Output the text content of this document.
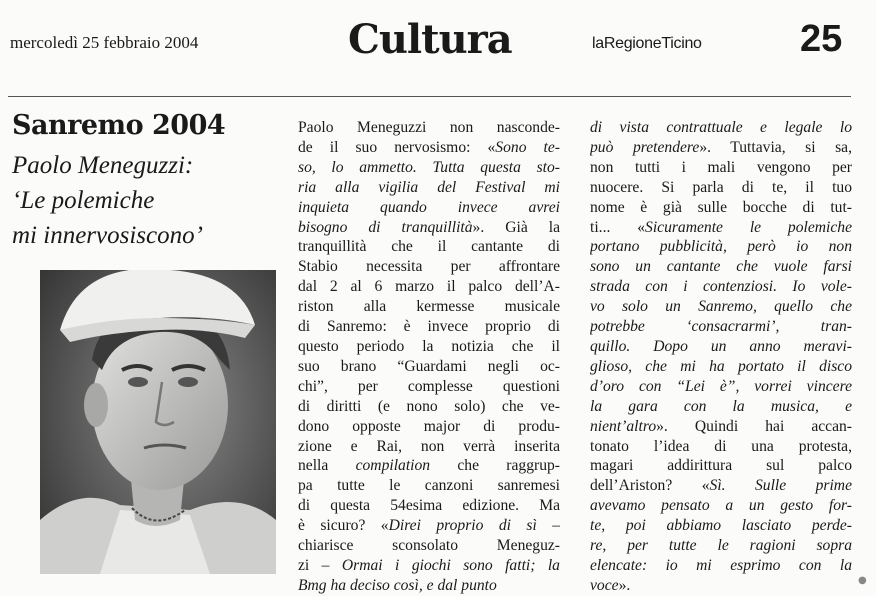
mercoledì 25 febbraio 2004	Cultura	laRegioneTicino	25
Sanremo 2004
Paolo Meneguzzi:
‘Le polemiche
mi innervosiscono’
Paolo Meneguzzi non nasconde-
de il suo nervosismo: «Sono te-
so, lo ammetto. Tutta questa sto-
ria alla vigilia del Festival mi
inquieta quando invece avrei
bisogno di tranquillità». Già la
tranquillità che il cantante di
Stabio necessita per affrontare
dal 2 al 6 marzo il palco dell’A-
riston alla kermesse musicale
di Sanremo: è invece proprio di
questo periodo la notizia che il
suo brano “Guardami negli oc-
chi”, per complesse questioni
di diritti (e nono solo) che ve-
dono opposte major di produ-
zione e Rai, non verrà inserita
nella compilation che raggrup-
pa tutte le canzoni sanremesi
di questa 54esima edizione. Ma
è sicuro? «Direi proprio di sì –
chiarisce sconsolato Meneguz-
zi – Ormai i giochi sono fatti; la
Bmg ha deciso così, e dal punto
di vista contrattuale e legale lo
può pretendere». Tuttavia, si sa,
non tutti i mali vengono per
nuocere. Si parla di te, il tuo
nome è già sulle bocche di tut-
ti... «Sicuramente le polemiche
portano pubblicità, però io non
sono un cantante che vuole farsi
strada con i contenziosi. Io vole-
vo solo un Sanremo, quello che
potrebbe ‘consacrarmi’, tran-
quillo. Dopo un anno meravi-
glioso, che mi ha portato il disco
d’oro con “Lei è”, vorrei vincere
la gara con la musica, e
nient’altro». Quindi hai accan-
tonato l’idea di una protesta,
magari addirittura sul palco
dell’Ariston? «Sì. Sulle prime
avevamo pensato a un gesto for-
te, poi abbiamo lasciato perde-
re, per tutte le ragioni sopra
elencate: io mi esprimo con la
voce».	●
